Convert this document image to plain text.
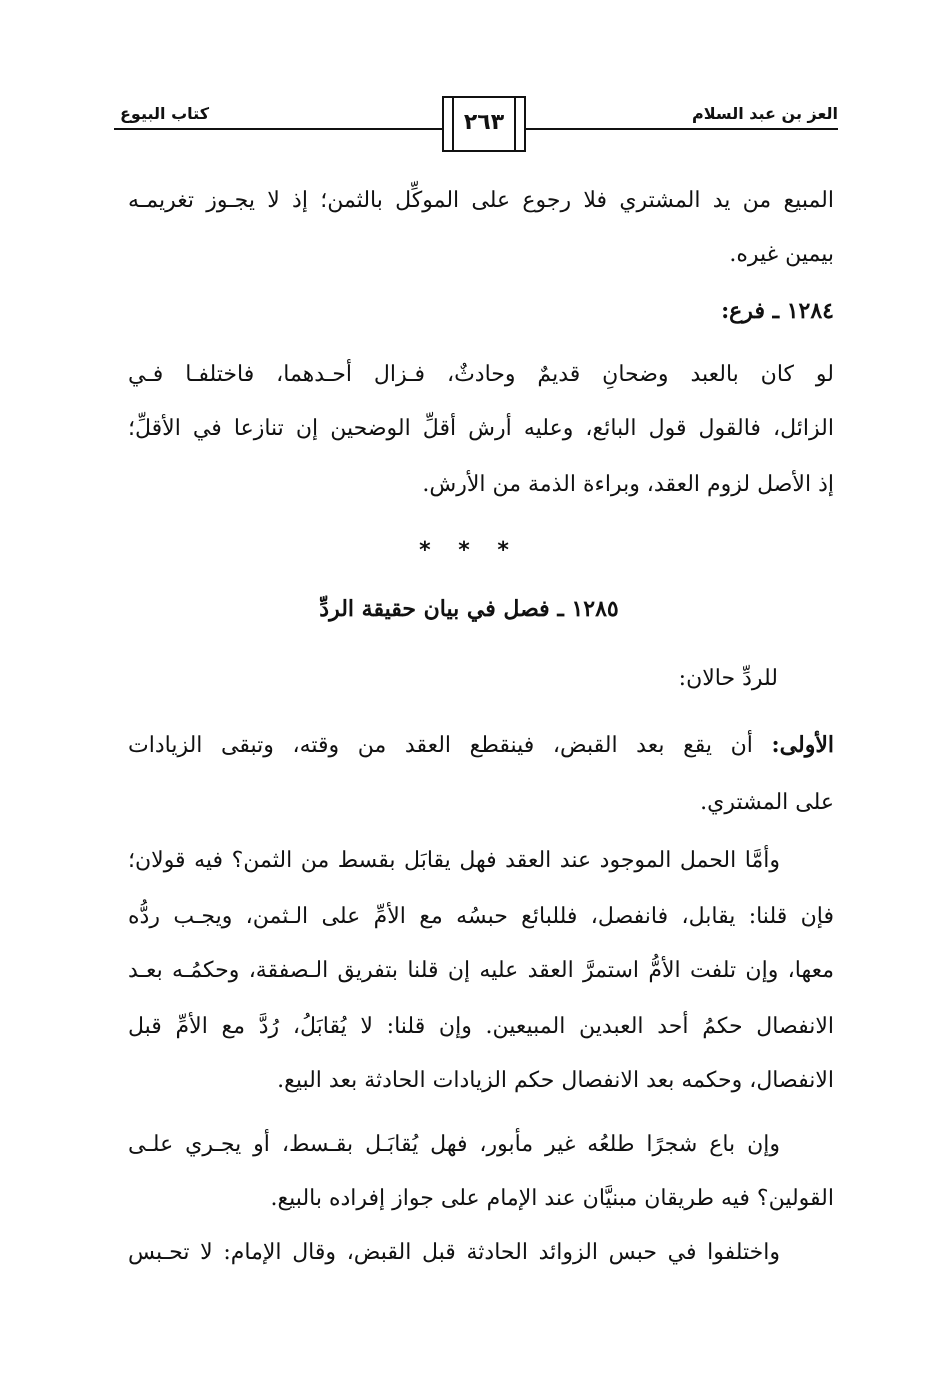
العز بن عبد السلام
كتاب البيوع	٢٦٣
المبيع من يد المشتري فلا رجوع على الموكِّل بالثمن؛ إذ لا يجـوز تغريمـه
بيمين غيره.
١٢٨٤ ـ فرع:
لو كان بالعبد وضحانِ قديمٌ وحادثٌ، فـزال أحـدهما، فاختلفـا فـي
الزائل، فالقول قول البائع، وعليه أرش أقلِّ الوضحين إن تنازعا في الأقلِّ؛
إذ الأصل لزوم العقد، وبراءة الذمة من الأرش.
* * *
١٢٨٥ ـ فصل في بيان حقيقة الردِّ
للردِّ حالان:
الأولى: أن يقع بعد القبض، فينقطع العقد من وقته، وتبقى الزيادات
على المشتري.
وأمَّا الحمل الموجود عند العقد فهل يقابَل بقسط من الثمن؟ فيه قولان؛
فإن قلنا: يقابل، فانفصل، فللبائع حبسُه مع الأمِّ على الـثمن، ويجـب ردُّه
معها، وإن تلفت الأمُّ استمرَّ العقد عليه إن قلنا بتفريق الـصفقة، وحكمُـه بعـد
الانفصال حكمُ أحد العبدين المبيعين. وإن قلنا: لا يُقابَلُ، رُدَّ مع الأمِّ قبل
الانفصال، وحكمه بعد الانفصال حكم الزيادات الحادثة بعد البيع.
وإن باع شجرًا طلعُه غير مأبور، فهل يُقابَـل بقـسط، أو يجـري علـى
القولين؟ فيه طريقان مبنيَّان عند الإمام على جواز إفراده بالبيع.
واختلفوا في حبس الزوائد الحادثة قبل القبض، وقال الإمام: لا تحـبس
